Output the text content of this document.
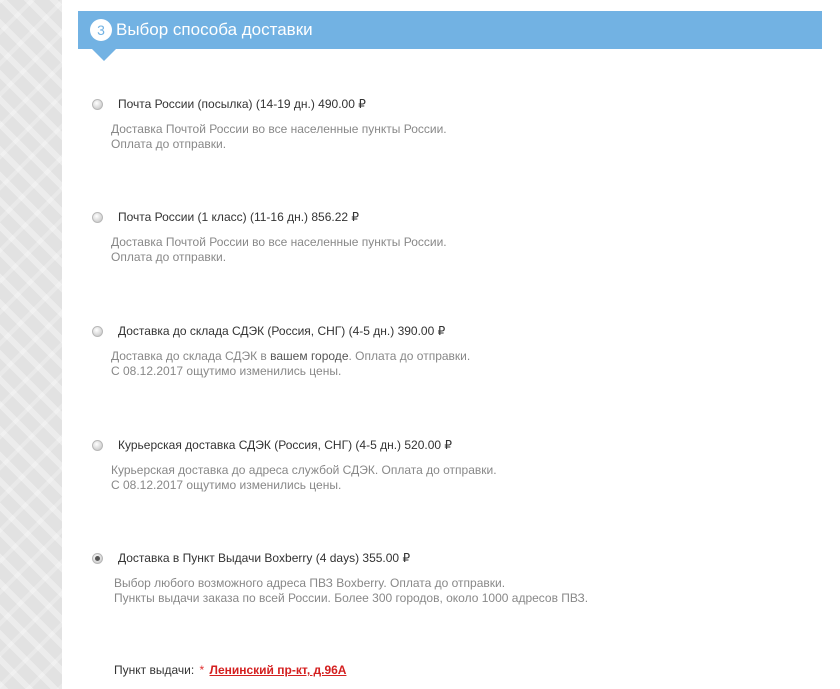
3 Выбор способа доставки
Почта России (посылка) (14-19 дн.) 490.00 ₽
Доставка Почтой России во все населенные пункты России.
Оплата до отправки.
Почта России (1 класс) (11-16 дн.) 856.22 ₽
Доставка Почтой России во все населенные пункты России.
Оплата до отправки.
Доставка до склада СДЭК (Россия, СНГ) (4-5 дн.) 390.00 ₽
Доставка до склада СДЭК в вашем городе. Оплата до отправки.
С 08.12.2017 ощутимо изменились цены.
Курьерская доставка СДЭК (Россия, СНГ) (4-5 дн.) 520.00 ₽
Курьерская доставка до адреса службой СДЭК. Оплата до отправки.
С 08.12.2017 ощутимо изменились цены.
Доставка в Пункт Выдачи Boxberry (4 days) 355.00 ₽
Выбор любого возможного адреса ПВЗ Boxberry. Оплата до отправки.
Пункты выдачи заказа по всей России. Более 300 городов, около 1000 адресов ПВЗ.
Пункт выдачи: * Ленинский пр-кт, д.96А
